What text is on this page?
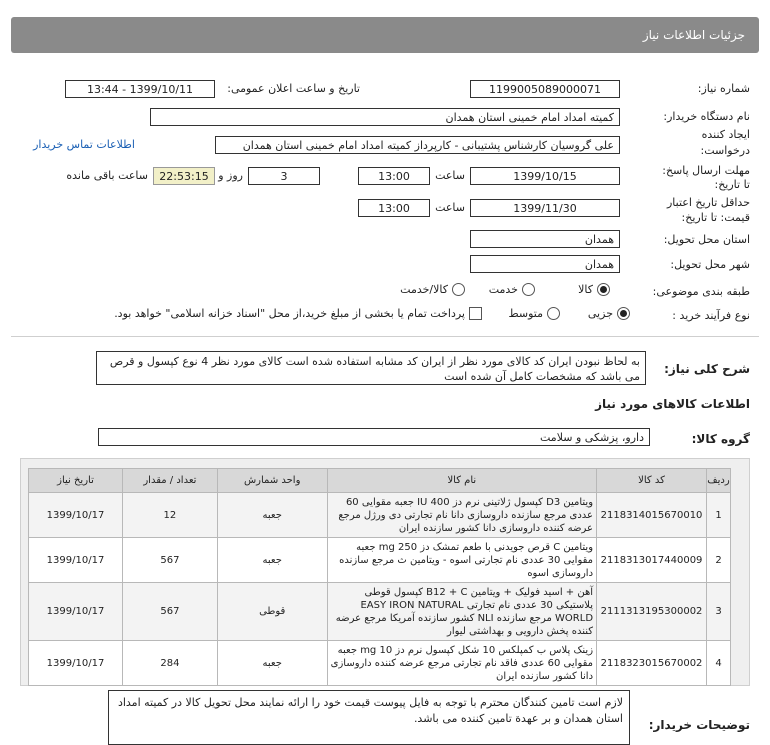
جزئیات اطلاعات نیاز
شماره نیاز:
1199005089000071
تاریخ و ساعت اعلان عمومی:
1399/10/11 - 13:44
نام دستگاه خریدار:
کمیته امداد امام خمینی استان همدان
ایجاد کننده
درخواست:
علی گروسیان کارشناس پشتیبانی - کارپرداز کمیته امداد امام خمینی استان همدان
اطلاعات تماس خریدار
مهلت ارسال پاسخ:
تا تاریخ:
1399/10/15
ساعت
13:00
3
روز و
22:53:15
ساعت باقی مانده
حداقل تاریخ اعتبار
قیمت: تا تاریخ:
1399/11/30
ساعت
13:00
استان محل تحویل:
همدان
شهر محل تحویل:
همدان
طبقه بندی موضوعی:
کالا
خدمت
کالا/خدمت
نوع فرآیند خرید :
جزیی
متوسط
پرداخت تمام یا بخشی از مبلغ خرید،از محل "اسناد خزانه اسلامی" خواهد بود.
شرح کلی نیاز:
به لحاظ نبودن ایران کد کالای مورد نظر از ایران کد مشابه استفاده شده است کالای مورد نظر 4 نوع کپسول و قرص می باشد که مشخصات کامل آن شده است
اطلاعات کالاهای مورد نیاز
گروه کالا:
دارو، پزشکی و سلامت
ردیف	کد کالا	نام کالا	واحد شمارش	تعداد / مقدار	تاریخ نیاز
1	2118314015670010	ویتامین D3 کپسول ژلاتینی نرم دز 400 IU جعبه مقوایی 60 عددی مرجع سازنده داروسازی دانا نام تجارتی دی ورژل مرجع عرضه کننده داروسازی دانا کشور سازنده ایران	جعبه	12	1399/10/17
2	2118313017440009	ویتامین C قرص جویدنی با طعم تمشک دز 250 mg جعبه مقوایی 30 عددی نام تجارتی اسوه - ویتامین ث مرجع سازنده داروسازی اسوه	جعبه	567	1399/10/17
3	2111313195300002	آهن + اسید فولیک + ویتامین B12 + C کپسول قوطی پلاستیکی 30 عددی نام تجارتی EASY IRON NATURAL WORLD مرجع سازنده NLI کشور سازنده آمریکا مرجع عرضه کننده پخش دارویی و بهداشتی لیوار	قوطی	567	1399/10/17
4	2118323015670002	زینک پلاس ب کمپلکس 10 شکل کپسول نرم دز 10 mg جعبه مقوایی 60 عددی فاقد نام تجارتی مرجع عرضه کننده داروسازی دانا کشور سازنده ایران	جعبه	284	1399/10/17
توضیحات خریدار:
لازم است تامین کنندگان محترم با توجه به فایل پیوست قیمت خود را ارائه نمایند محل تحویل کالا در کمیته امداد استان همدان و بر عهدة تامین کننده می باشد.
